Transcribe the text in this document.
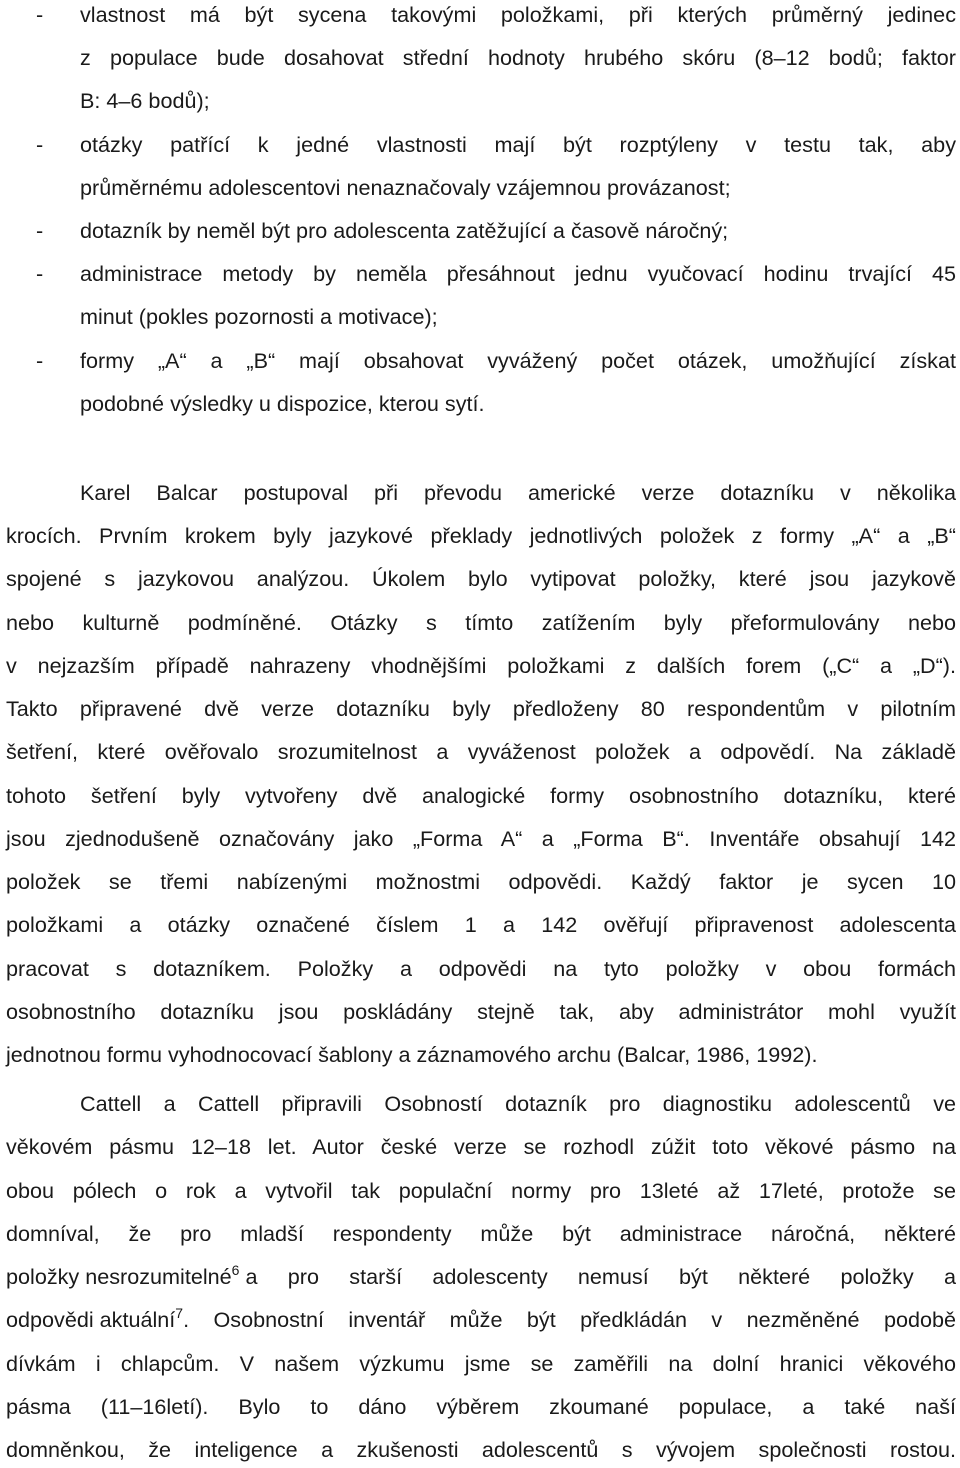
-	vlastnost má být sycena takovými položkami, při kterých průměrný jedinec
z populace bude dosahovat střední hodnoty hrubého skóru (8–12 bodů; faktor
B: 4–6 bodů);
-	otázky patřící k jedné vlastnosti mají být rozptýleny v testu tak, aby
průměrnému adolescentovi nenaznačovaly vzájemnou provázanost;
-	dotazník by neměl být pro adolescenta zatěžující a časově náročný;
-	administrace metody by neměla přesáhnout jednu vyučovací hodinu trvající 45
minut (pokles pozornosti a motivace);
-	formy „A“ a „B“ mají obsahovat vyvážený počet otázek, umožňující získat
podobné výsledky u dispozice, kterou sytí.
Karel Balcar postupoval při převodu americké verze dotazníku v několika
krocích. Prvním krokem byly jazykové překlady jednotlivých položek z formy „A“ a „B“
spojené s jazykovou analýzou. Úkolem bylo vytipovat položky, které jsou jazykově
nebo kulturně podmíněné. Otázky s tímto zatížením byly přeformulovány nebo
v nejzazším případě nahrazeny vhodnějšími položkami z dalších forem („C“ a „D“).
Takto připravené dvě verze dotazníku byly předloženy 80 respondentům v pilotním
šetření, které ověřovalo srozumitelnost a vyváženost položek a odpovědí. Na základě
tohoto šetření byly vytvořeny dvě analogické formy osobnostního dotazníku, které
jsou zjednodušeně označovány jako „Forma A“ a „Forma B“. Inventáře obsahují 142
položek se třemi nabízenými možnostmi odpovědi. Každý faktor je sycen 10
položkami a otázky označené číslem 1 a 142 ověřují připravenost adolescenta
pracovat s dotazníkem. Položky a odpovědi na tyto položky v obou formách
osobnostního dotazníku jsou poskládány stejně tak, aby administrátor mohl využít
jednotnou formu vyhodnocovací šablony a záznamového archu (Balcar, 1986, 1992).
Cattell a Cattell připravili Osobností dotazník pro diagnostiku adolescentů ve
věkovém pásmu 12–18 let. Autor české verze se rozhodl zúžit toto věkové pásmo na
obou pólech o rok a vytvořil tak populační normy pro 13leté až 17leté, protože se
domníval, že pro mladší respondenty může být administrace náročná, některé
položky nesrozumitelné$^6$ a pro starší adolescenty nemusí být některé položky a
odpovědi aktuální$^7$ . Osobnostní inventář může být předkládán v nezměněné podobě
dívkám i chlapcům. V našem výzkumu jsme se zaměřili na dolní hranici věkového
pásma (11–16letí). Bylo to dáno výběrem zkoumané populace, a také naší
domněnkou, že inteligence a zkušenosti adolescentů s vývojem společnosti rostou.
